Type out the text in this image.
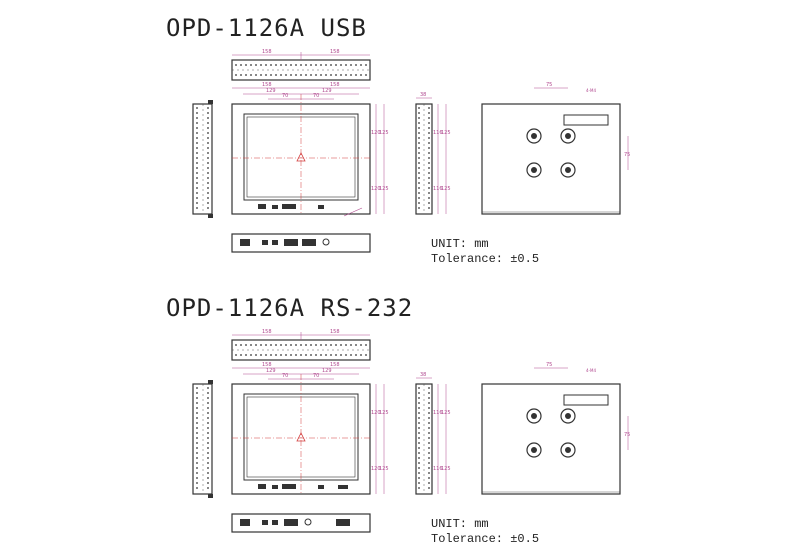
OPD-1126A USB
158	158
158	158
129	129
70	70
120
125
120
125
38
116
125
116
125
75
75
4-M4
UNIT: mm
Tolerance: ±0.5
OPD-1126A RS-232
158	158
158	158
129	129
70	70
120
125
120
125
38
116
125
116
125
75
75
4-M4
UNIT: mm
Tolerance: ±0.5
